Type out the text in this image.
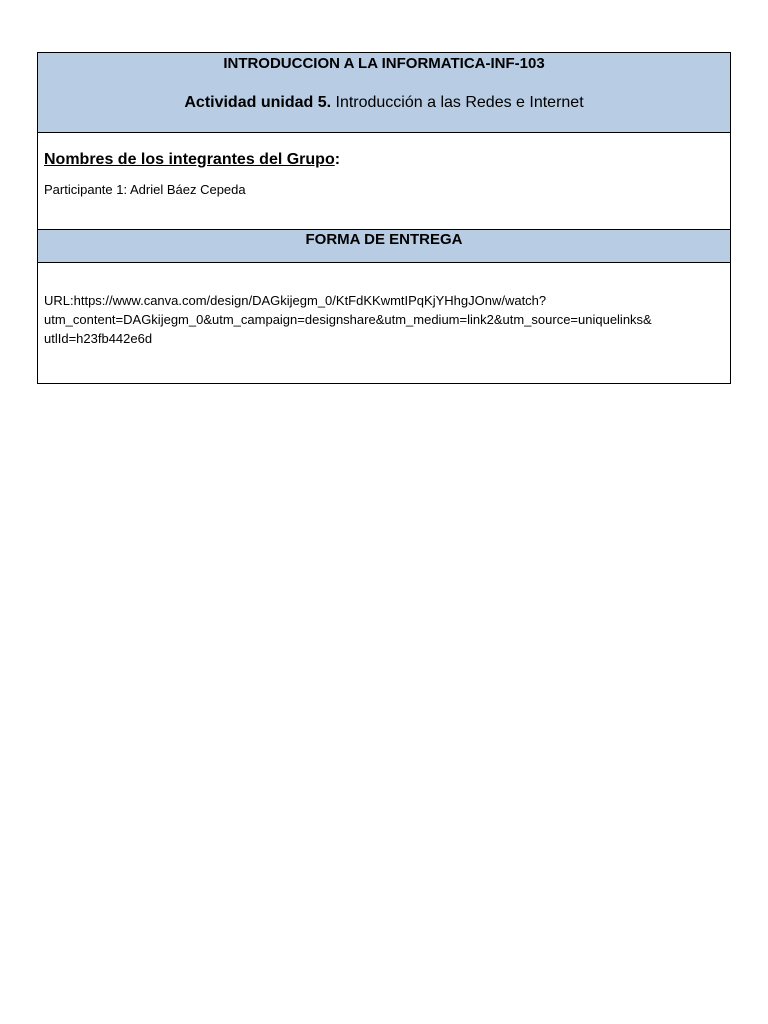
INTRODUCCION A LA INFORMATICA-INF-103
Actividad unidad 5. Introducción a las Redes e Internet
Nombres de los integrantes del Grupo:
Participante 1: Adriel Báez Cepeda
FORMA DE ENTREGA
URL:https://www.canva.com/design/DAGkijegm_0/KtFdKKwmtIPqKjYHhgJOnw/watch?
utm_content=DAGkijegm_0&utm_campaign=designshare&utm_medium=link2&utm_source=uniquelinks&
utlId=h23fb442e6d
